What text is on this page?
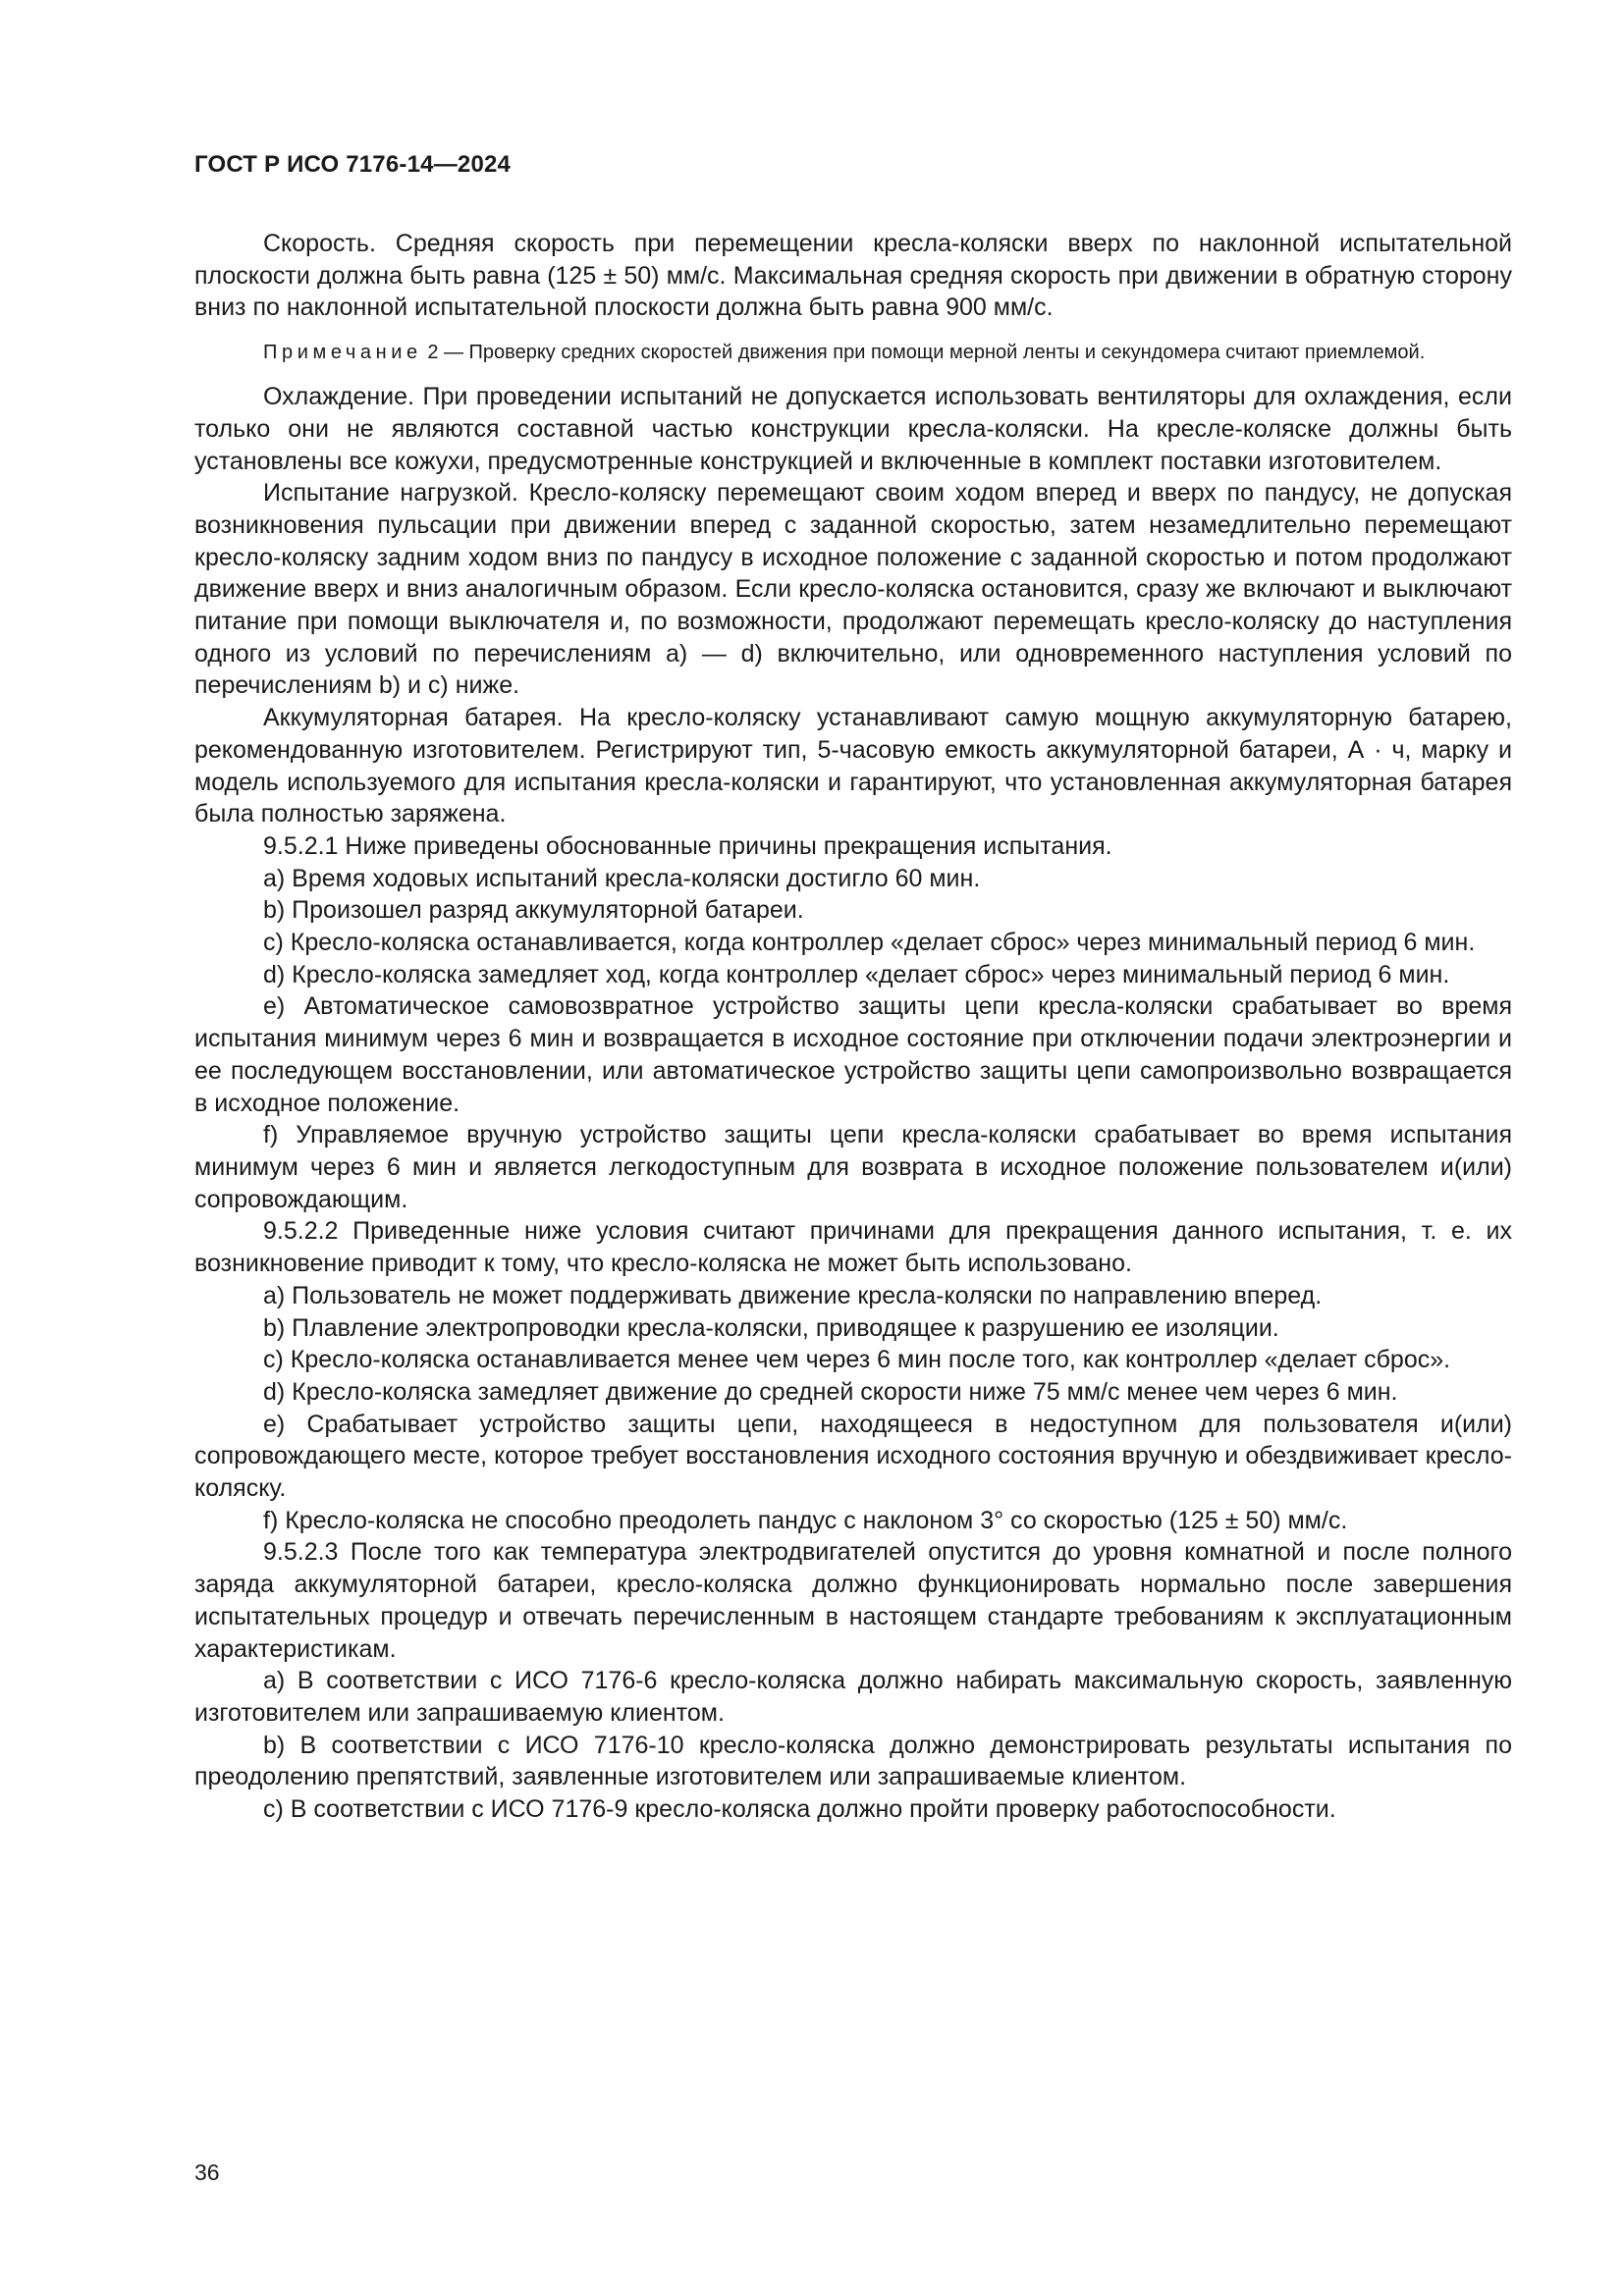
ГОСТ Р ИСО 7176-14—2024

Скорость. Средняя скорость при перемещении кресла-коляски вверх по наклонной испытательной плоскости должна быть равна (125 ± 50) мм/с. Максимальная средняя скорость при движении в обратную сторону вниз по наклонной испытательной плоскости должна быть равна 900 мм/с.

Примечание 2 — Проверку средних скоростей движения при помощи мерной ленты и секундомера считают приемлемой.

Охлаждение. При проведении испытаний не допускается использовать вентиляторы для охлаждения, если только они не являются составной частью конструкции кресла-коляски. На кресле-коляске должны быть установлены все кожухи, предусмотренные конструкцией и включенные в комплект поставки изготовителем.

Испытание нагрузкой. Кресло-коляску перемещают своим ходом вперед и вверх по пандусу, не допуская возникновения пульсации при движении вперед с заданной скоростью, затем незамедлительно перемещают кресло-коляску задним ходом вниз по пандусу в исходное положение с заданной скоростью и потом продолжают движение вверх и вниз аналогичным образом. Если кресло-коляска остановится, сразу же включают и выключают питание при помощи выключателя и, по возможности, продолжают перемещать кресло-коляску до наступления одного из условий по перечислениям a) — d) включительно, или одновременного наступления условий по перечислениям b) и c) ниже.

Аккумуляторная батарея. На кресло-коляску устанавливают самую мощную аккумуляторную батарею, рекомендованную изготовителем. Регистрируют тип, 5-часовую емкость аккумуляторной батареи, А · ч, марку и модель используемого для испытания кресла-коляски и гарантируют, что установленная аккумуляторная батарея была полностью заряжена.

9.5.2.1 Ниже приведены обоснованные причины прекращения испытания.

a) Время ходовых испытаний кресла-коляски достигло 60 мин.

b) Произошел разряд аккумуляторной батареи.

c) Кресло-коляска останавливается, когда контроллер «делает сброс» через минимальный период 6 мин.

d) Кресло-коляска замедляет ход, когда контроллер «делает сброс» через минимальный период 6 мин.

e) Автоматическое самовозвратное устройство защиты цепи кресла-коляски срабатывает во время испытания минимум через 6 мин и возвращается в исходное состояние при отключении подачи электроэнергии и ее последующем восстановлении, или автоматическое устройство защиты цепи самопроизвольно возвращается в исходное положение.

f) Управляемое вручную устройство защиты цепи кресла-коляски срабатывает во время испытания минимум через 6 мин и является легкодоступным для возврата в исходное положение пользователем и(или) сопровождающим.

9.5.2.2 Приведенные ниже условия считают причинами для прекращения данного испытания, т. е. их возникновение приводит к тому, что кресло-коляска не может быть использовано.

a) Пользователь не может поддерживать движение кресла-коляски по направлению вперед.

b) Плавление электропроводки кресла-коляски, приводящее к разрушению ее изоляции.

c) Кресло-коляска останавливается менее чем через 6 мин после того, как контроллер «делает сброс».

d) Кресло-коляска замедляет движение до средней скорости ниже 75 мм/с менее чем через 6 мин.

e) Срабатывает устройство защиты цепи, находящееся в недоступном для пользователя и(или) сопровождающего месте, которое требует восстановления исходного состояния вручную и обездвиживает кресло-коляску.

f) Кресло-коляска не способно преодолеть пандус с наклоном 3° со скоростью (125 ± 50) мм/с.

9.5.2.3 После того как температура электродвигателей опустится до уровня комнатной и после полного заряда аккумуляторной батареи, кресло-коляска должно функционировать нормально после завершения испытательных процедур и отвечать перечисленным в настоящем стандарте требованиям к эксплуатационным характеристикам.

a) В соответствии с ИСО 7176-6 кресло-коляска должно набирать максимальную скорость, заявленную изготовителем или запрашиваемую клиентом.

b) В соответствии с ИСО 7176-10 кресло-коляска должно демонстрировать результаты испытания по преодолению препятствий, заявленные изготовителем или запрашиваемые клиентом.

c) В соответствии с ИСО 7176-9 кресло-коляска должно пройти проверку работоспособности.

36
